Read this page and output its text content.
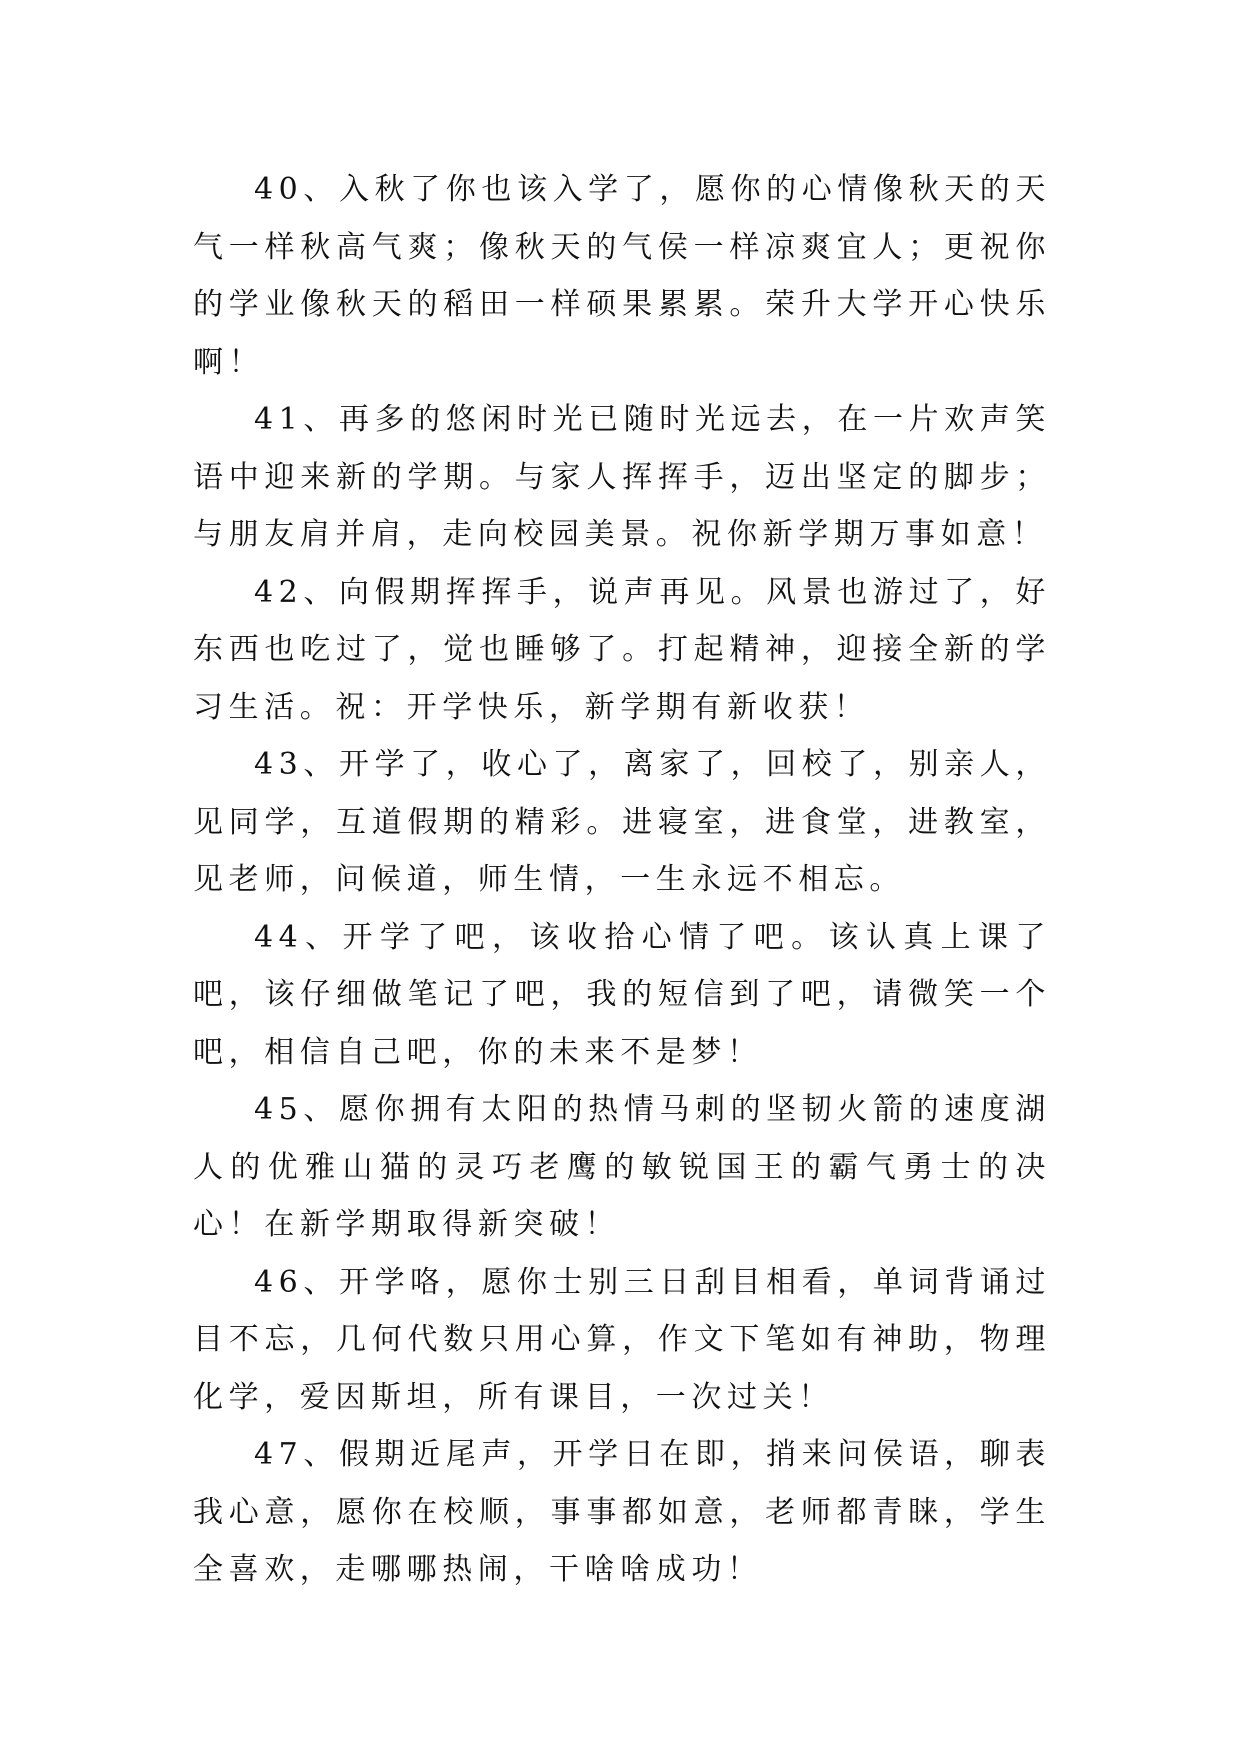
40、入秋了你也该入学了，愿你的心情像秋天的天气一样秋高气爽；像秋天的气侯一样凉爽宜人；更祝你的学业像秋天的稻田一样硕果累累。荣升大学开心快乐啊！

41、再多的悠闲时光已随时光远去，在一片欢声笑语中迎来新的学期。与家人挥挥手，迈出坚定的脚步；与朋友肩并肩，走向校园美景。祝你新学期万事如意！

42、向假期挥挥手，说声再见。风景也游过了，好东西也吃过了，觉也睡够了。打起精神，迎接全新的学习生活。祝：开学快乐，新学期有新收获！

43、开学了，收心了，离家了，回校了，别亲人，见同学，互道假期的精彩。进寝室，进食堂，进教室，见老师，问候道，师生情，一生永远不相忘。

44、开学了吧，该收拾心情了吧。该认真上课了吧，该仔细做笔记了吧，我的短信到了吧，请微笑一个吧，相信自己吧，你的未来不是梦！

45、愿你拥有太阳的热情马刺的坚韧火箭的速度湖人的优雅山猫的灵巧老鹰的敏锐国王的霸气勇士的决心！在新学期取得新突破！

46、开学咯，愿你士别三日刮目相看，单词背诵过目不忘，几何代数只用心算，作文下笔如有神助，物理化学，爱因斯坦，所有课目，一次过关！

47、假期近尾声，开学日在即，捎来问侯语，聊表我心意，愿你在校顺，事事都如意，老师都青睐，学生全喜欢，走哪哪热闹，干啥啥成功！
